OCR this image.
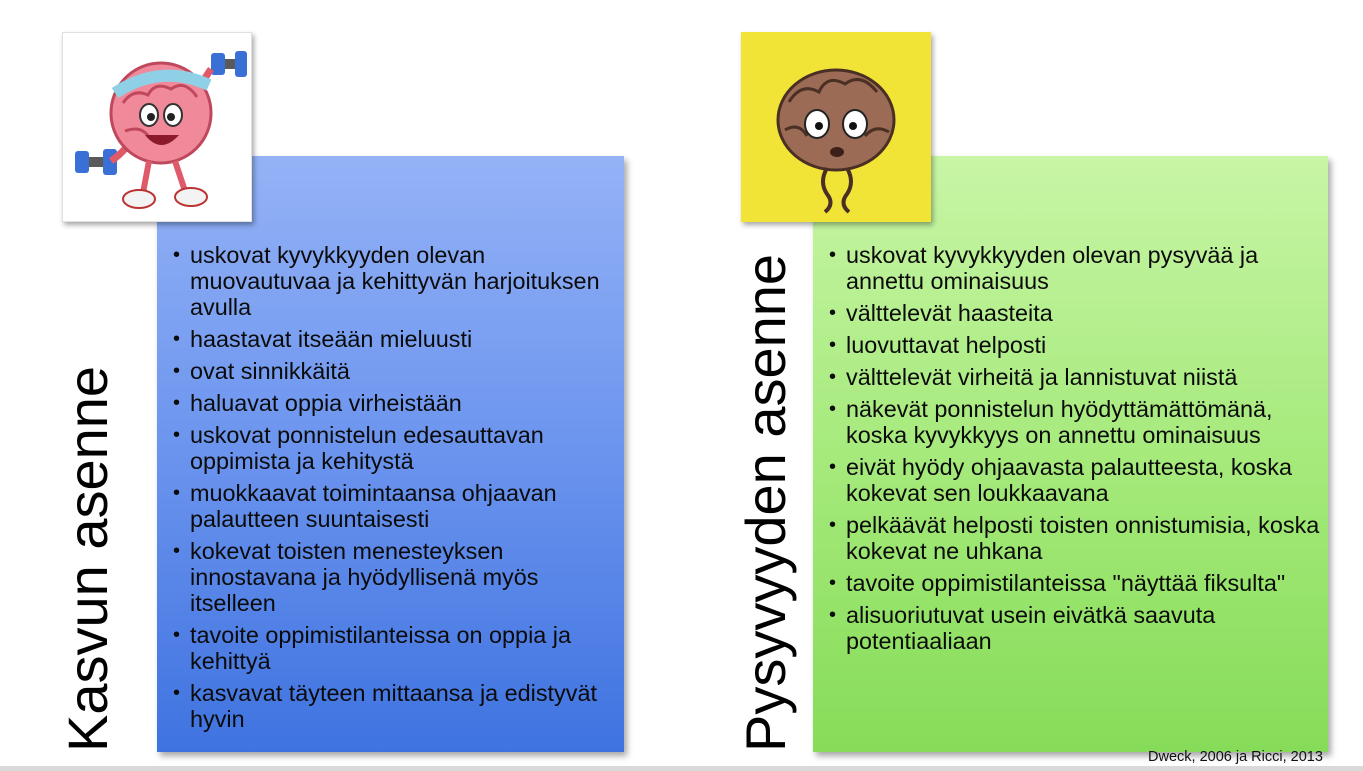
Kasvun asenne
• uskovat kyvykkyyden olevan muovautuvaa ja kehittyvän harjoituksen avulla
• haastavat itseään mieluusti
• ovat sinnikkäitä
• haluavat oppia virheistään
• uskovat ponnistelun edesauttavan oppimista ja kehitystä
• muokkaavat toimintaansa ohjaavan palautteen suuntaisesti
• kokevat toisten menesteyksen innostavana ja hyödyllisenä myös itselleen
• tavoite oppimistilanteissa on oppia ja kehittyä
• kasvavat täyteen mittaansa ja edistyvät hyvin	Pysyvyyden asenne • uskovat kyvykkyyden olevan pysyvää ja annettu ominaisuus
• välttelevät haasteita
• luovuttavat helposti
• välttelevät virheitä ja lannistuvat niistä
• näkevät ponnistelun hyödyttämättömänä, koska kyvykkyys on annettu ominaisuus
• eivät hyödy ohjaavasta palautteesta, koska kokevat sen loukkaavana
• pelkäävät helposti toisten onnistumisia, koska kokevat ne uhkana
• tavoite oppimistilanteissa "näyttää fiksulta"
• alisuoriutuvat usein eivätkä saavuta potentiaaliaan
Dweck, 2006 ja Ricci, 2013
